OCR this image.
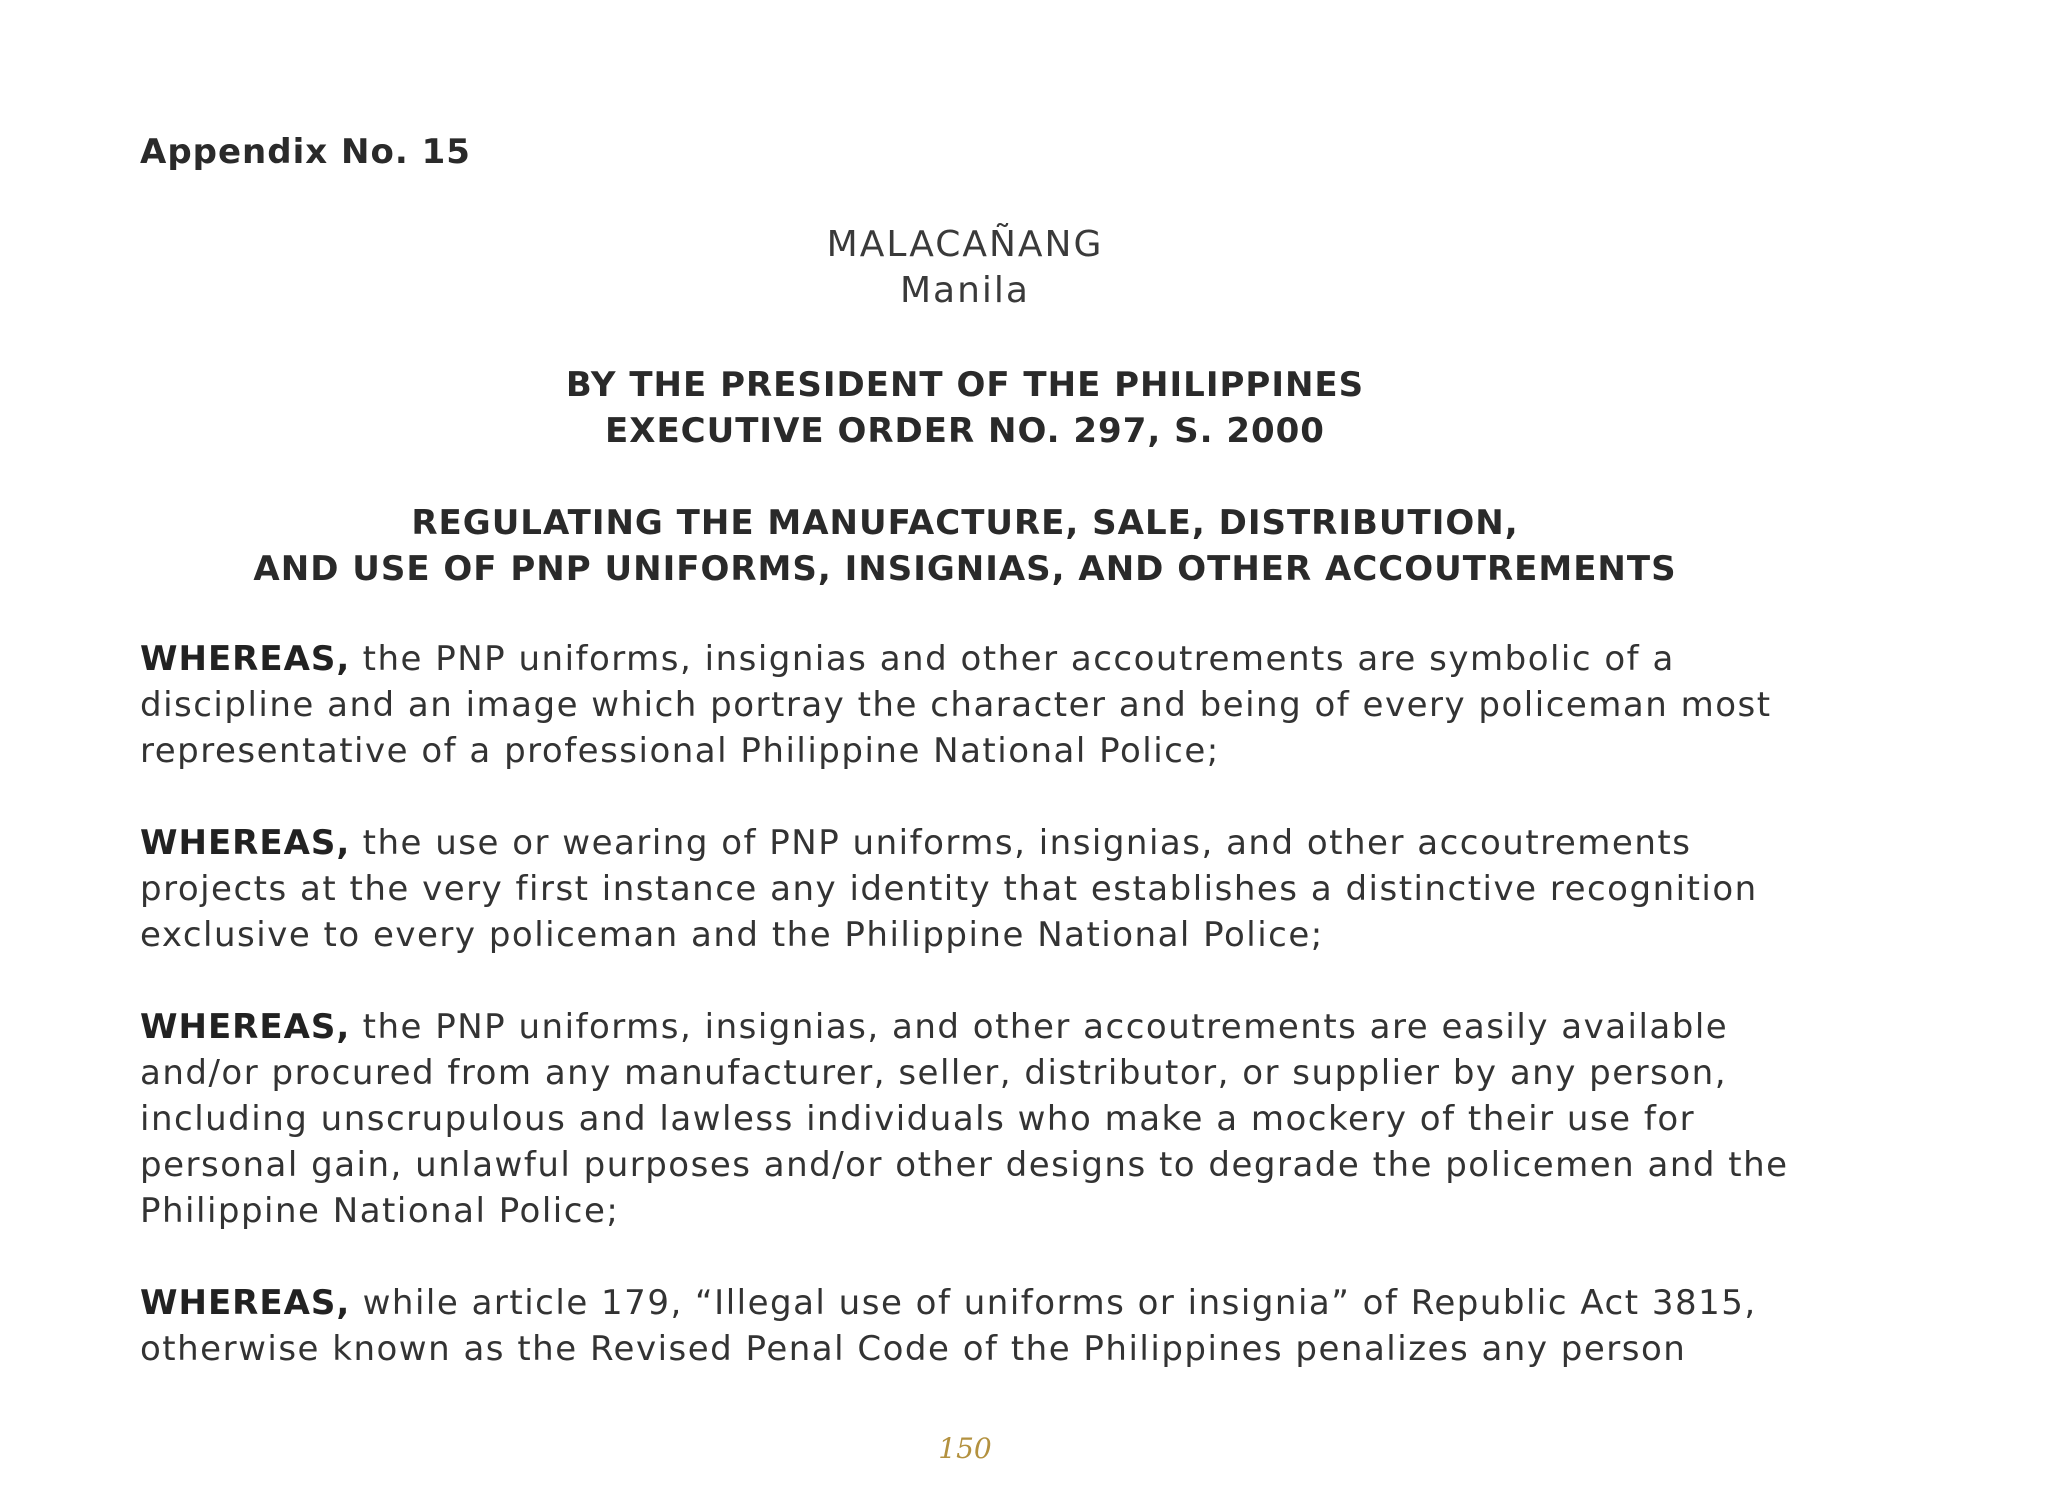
Appendix No. 15
MALACAÑANG
Manila
BY THE PRESIDENT OF THE PHILIPPINES
EXECUTIVE ORDER NO. 297, S. 2000
REGULATING THE MANUFACTURE, SALE, DISTRIBUTION,
AND USE OF PNP UNIFORMS, INSIGNIAS, AND OTHER ACCOUTREMENTS

WHEREAS, the PNP uniforms, insignias and other accoutrements are symbolic of a discipline and an image which portray the character and being of every policeman most representative of a professional Philippine National Police;

WHEREAS, the use or wearing of PNP uniforms, insignias, and other accoutrements projects at the very first instance any identity that establishes a distinctive recognition exclusive to every policeman and the Philippine National Police;

WHEREAS, the PNP uniforms, insignias, and other accoutrements are easily available and/or procured from any manufacturer, seller, distributor, or supplier by any person, including unscrupulous and lawless individuals who make a mockery of their use for personal gain, unlawful purposes and/or other designs to degrade the policemen and the Philippine National Police;

WHEREAS, while article 179, “Illegal use of uniforms or insignia” of Republic Act 3815, otherwise known as the Revised Penal Code of the Philippines penalizes any person

150
